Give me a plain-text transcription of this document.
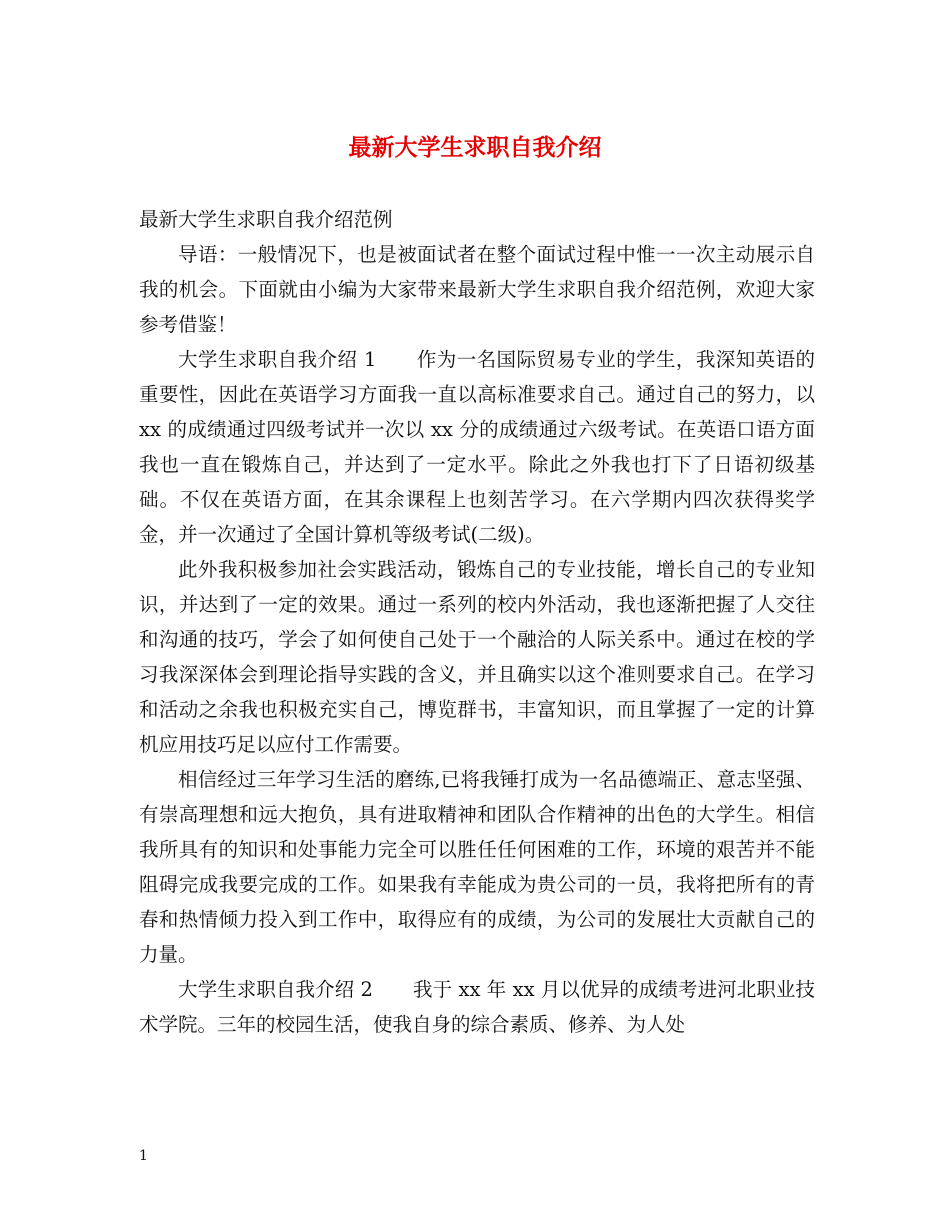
最新大学生求职自我介绍

最新大学生求职自我介绍范例

导语：一般情况下，也是被面试者在整个面试过程中惟一一次主动展示自我的机会。下面就由小编为大家带来最新大学生求职自我介绍范例，欢迎大家参考借鉴！

大学生求职自我介绍 1 作为一名国际贸易专业的学生，我深知英语的重要性，因此在英语学习方面我一直以高标准要求自己。通过自己的努力，以 xx 的成绩通过四级考试并一次以 xx 分的成绩通过六级考试。在英语口语方面我也一直在锻炼自己，并达到了一定水平。除此之外我也打下了日语初级基础。不仅在英语方面，在其余课程上也刻苦学习。在六学期内四次获得奖学金，并一次通过了全国计算机等级考试(二级)。

此外我积极参加社会实践活动，锻炼自己的专业技能，增长自己的专业知识，并达到了一定的效果。通过一系列的校内外活动，我也逐渐把握了人交往和沟通的技巧，学会了如何使自己处于一个融洽的人际关系中。通过在校的学习我深深体会到理论指导实践的含义，并且确实以这个准则要求自己。在学习和活动之余我也积极充实自己，博览群书，丰富知识，而且掌握了一定的计算机应用技巧足以应付工作需要。

相信经过三年学习生活的磨练,已将我锤打成为一名品德端正、意志坚强、有崇高理想和远大抱负，具有进取精神和团队合作精神的出色的大学生。相信我所具有的知识和处事能力完全可以胜任任何困难的工作，环境的艰苦并不能阻碍完成我要完成的工作。如果我有幸能成为贵公司的一员，我将把所有的青春和热情倾力投入到工作中，取得应有的成绩，为公司的发展壮大贡献自己的力量。

大学生求职自我介绍 2 我于 xx 年 xx 月以优异的成绩考进河北职业技术学院。三年的校园生活，使我自身的综合素质、修养、为人处

1
